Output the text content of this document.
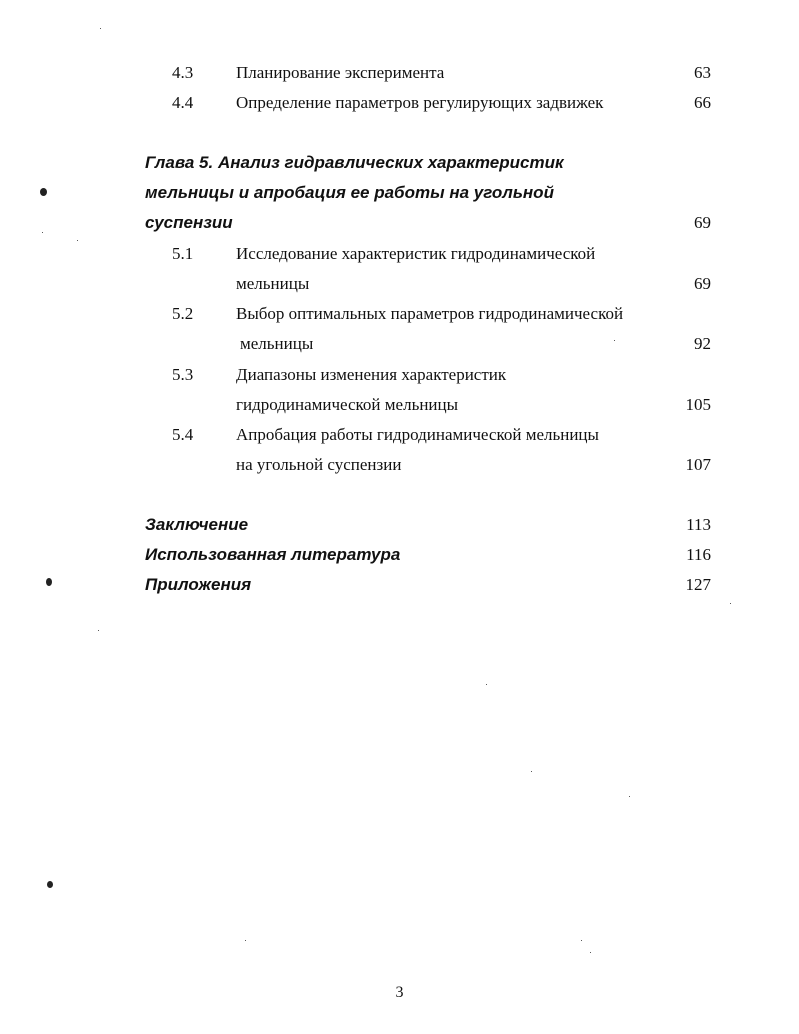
4.3	Планирование эксперимента	63
4.4	Определение параметров регулирующих задвижек	66
Глава 5. Анализ гидравлических характеристик
мельницы и апробация ее работы на угольной
суспензии	69
5.1	Исследование характеристик гидродинамической
мельницы	69
5.2	Выбор оптимальных параметров гидродинамической
мельницы	92
5.3	Диапазоны изменения характеристик
гидродинамической мельницы	105
5.4	Апробация работы гидродинамической мельницы
на угольной суспензии	107
Заключение	113
Использованная литература	116
Приложения	127
3
